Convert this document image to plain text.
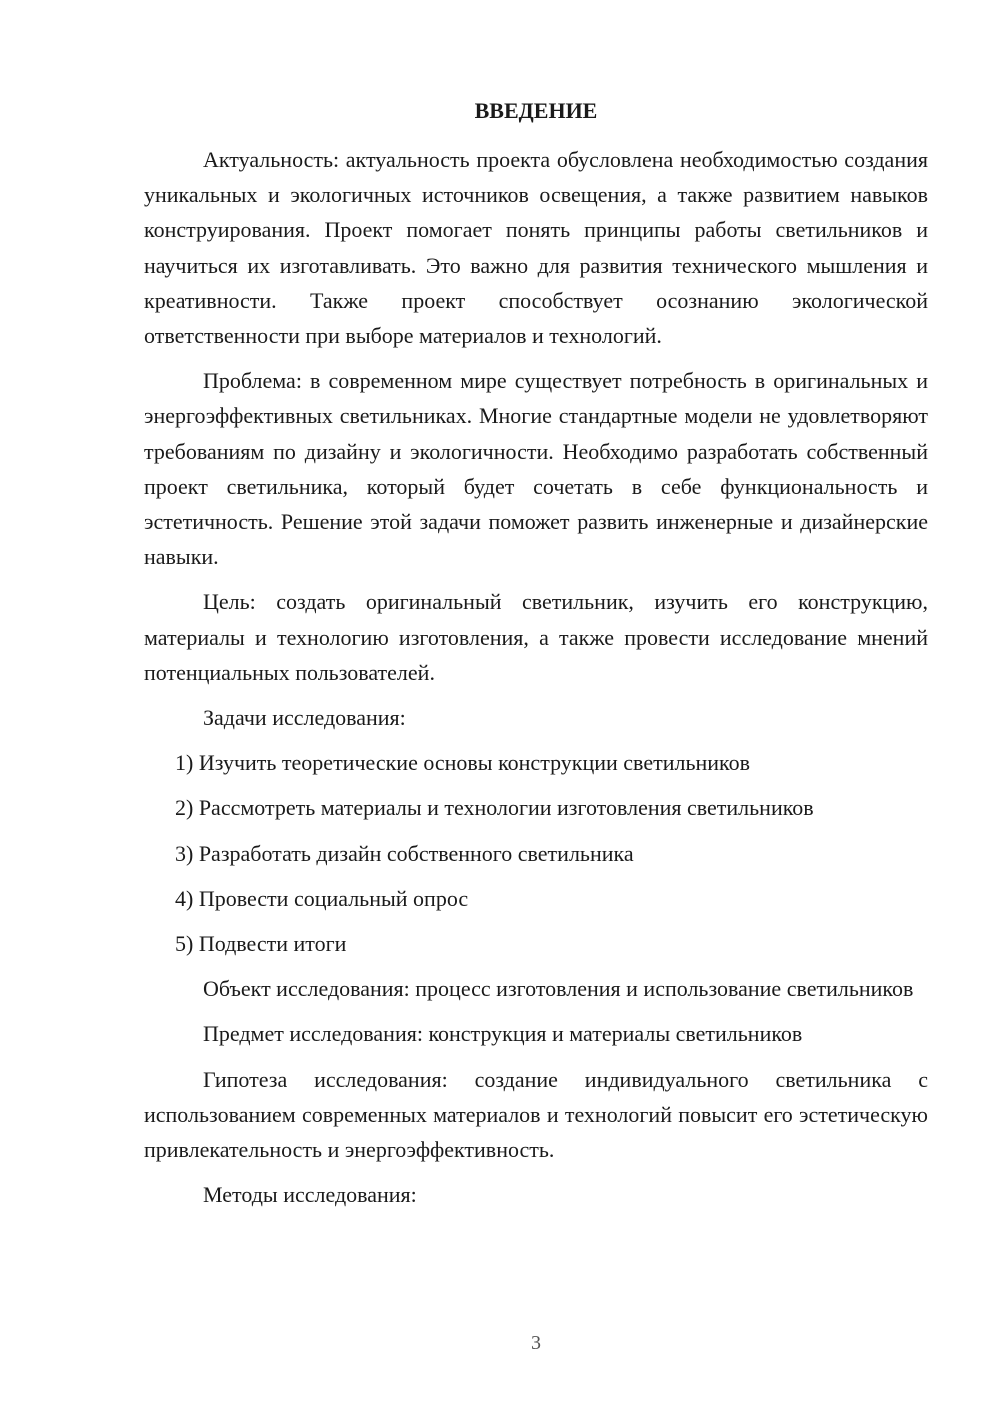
ВВЕДЕНИЕ

Актуальность: актуальность проекта обусловлена необходимостью создания уникальных и экологичных источников освещения, а также развитием навыков конструирования. Проект помогает понять принципы работы светильников и научиться их изготавливать. Это важно для развития технического мышления и креативности. Также проект способствует осознанию экологической ответственности при выборе материалов и технологий.

Проблема: в современном мире существует потребность в оригинальных и энергоэффективных светильниках. Многие стандартные модели не удовлетворяют требованиям по дизайну и экологичности. Необходимо разработать собственный проект светильника, который будет сочетать в себе функциональность и эстетичность. Решение этой задачи поможет развить инженерные и дизайнерские навыки.

Цель: создать оригинальный светильник, изучить его конструкцию, материалы и технологию изготовления, а также провести исследование мнений потенциальных пользователей.

Задачи исследования:

1) Изучить теоретические основы конструкции светильников
2) Рассмотреть материалы и технологии изготовления светильников
3) Разработать дизайн собственного светильника
4) Провести социальный опрос
5) Подвести итоги

Объект исследования: процесс изготовления и использование светильников

Предмет исследования: конструкция и материалы светильников

Гипотеза исследования: создание индивидуального светильника с использованием современных материалов и технологий повысит его эстетическую привлекательность и энергоэффективность.

Методы исследования:

3
